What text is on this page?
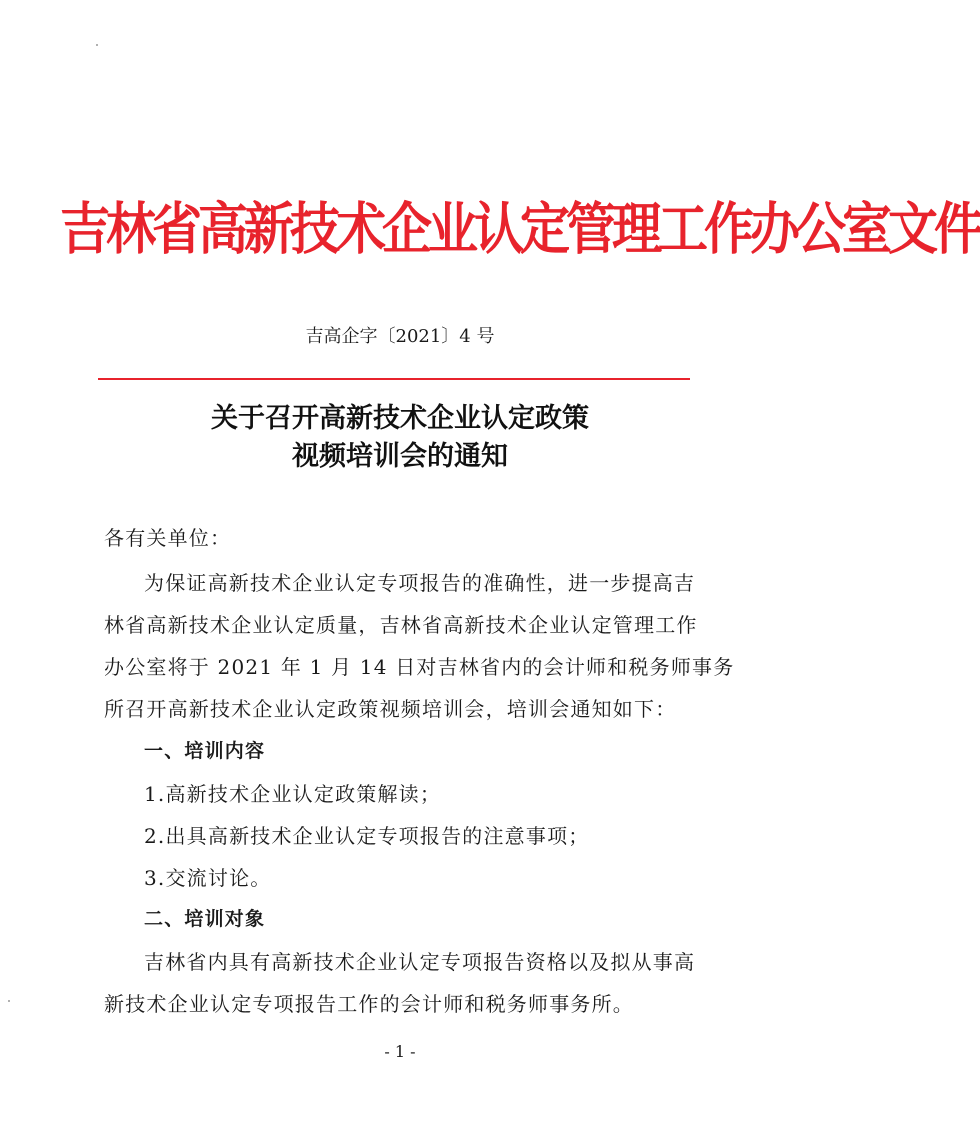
吉林省高新技术企业认定管理工作办公室文件
吉高企字〔2021〕4 号
关于召开高新技术企业认定政策
视频培训会的通知
各有关单位：
为保证高新技术企业认定专项报告的准确性，进一步提高吉
林省高新技术企业认定质量，吉林省高新技术企业认定管理工作
办公室将于 2021 年 1 月 14 日对吉林省内的会计师和税务师事务
所召开高新技术企业认定政策视频培训会，培训会通知如下：
一、培训内容
1.高新技术企业认定政策解读；
2.出具高新技术企业认定专项报告的注意事项；
3.交流讨论。
二、培训对象
吉林省内具有高新技术企业认定专项报告资格以及拟从事高
新技术企业认定专项报告工作的会计师和税务师事务所。
- 1 -
